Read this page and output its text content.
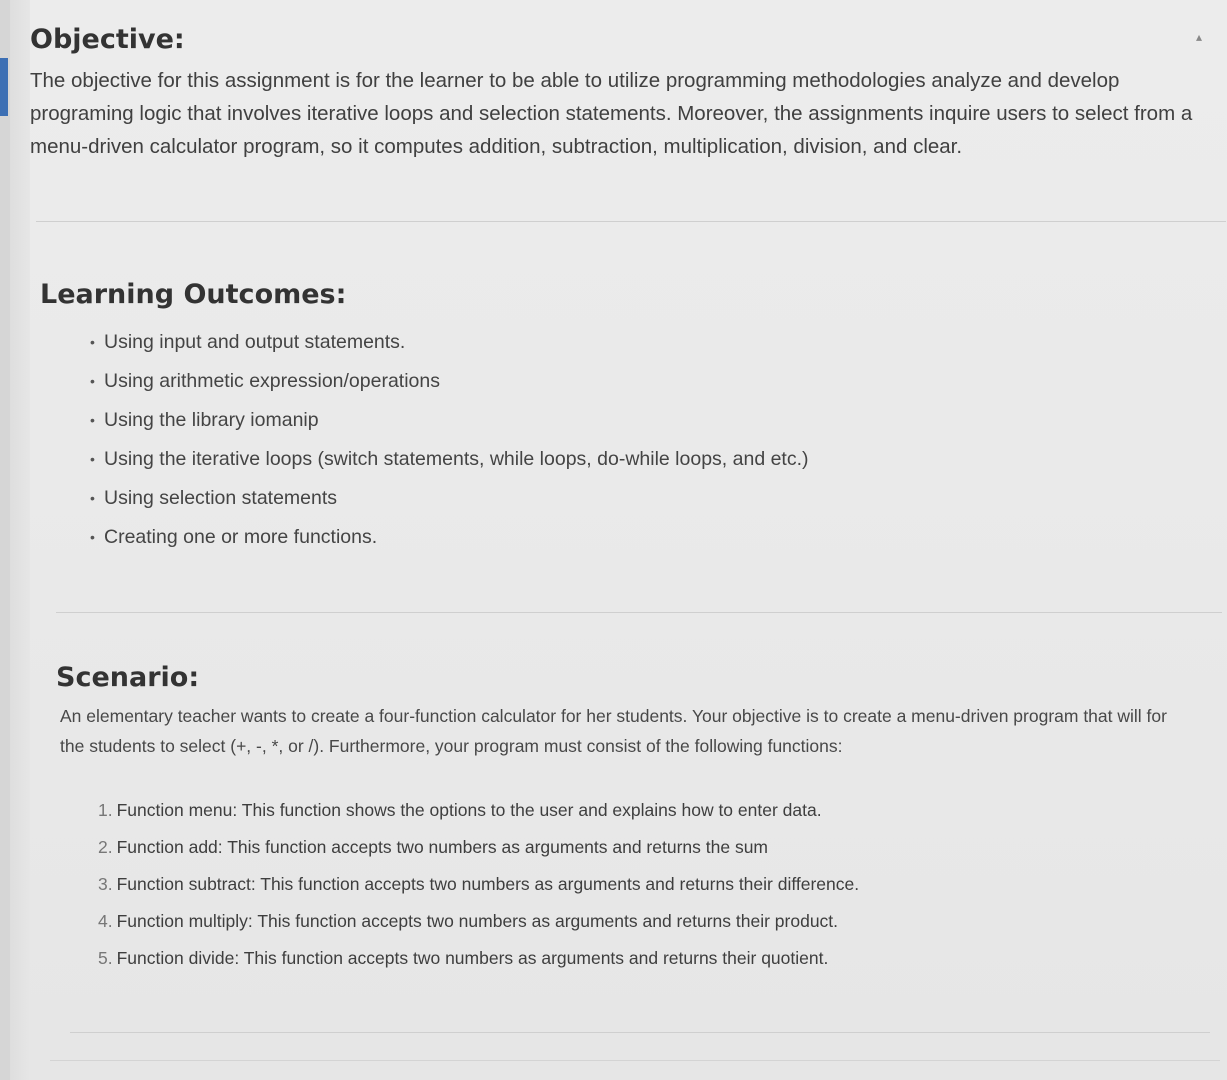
▴
Objective:
The objective for this assignment is for the learner to be able to utilize programming methodologies analyze and develop programing logic that involves iterative loops and selection statements. Moreover, the assignments inquire users to select from a menu-driven calculator program, so it computes addition, subtraction, multiplication, division, and clear.
Learning Outcomes:
• Using input and output statements.
• Using arithmetic expression/operations
• Using the library iomanip
• Using the iterative loops (switch statements, while loops, do-while loops, and etc.)
• Using selection statements
• Creating one or more functions.
Scenario:
An elementary teacher wants to create a four-function calculator for her students. Your objective is to create a menu-driven program that will for the students to select (+, -, *, or /). Furthermore, your program must consist of the following functions:
1. Function menu: This function shows the options to the user and explains how to enter data.
2. Function add: This function accepts two numbers as arguments and returns the sum
3. Function subtract: This function accepts two numbers as arguments and returns their difference.
4. Function multiply: This function accepts two numbers as arguments and returns their product.
5. Function divide: This function accepts two numbers as arguments and returns their quotient.
